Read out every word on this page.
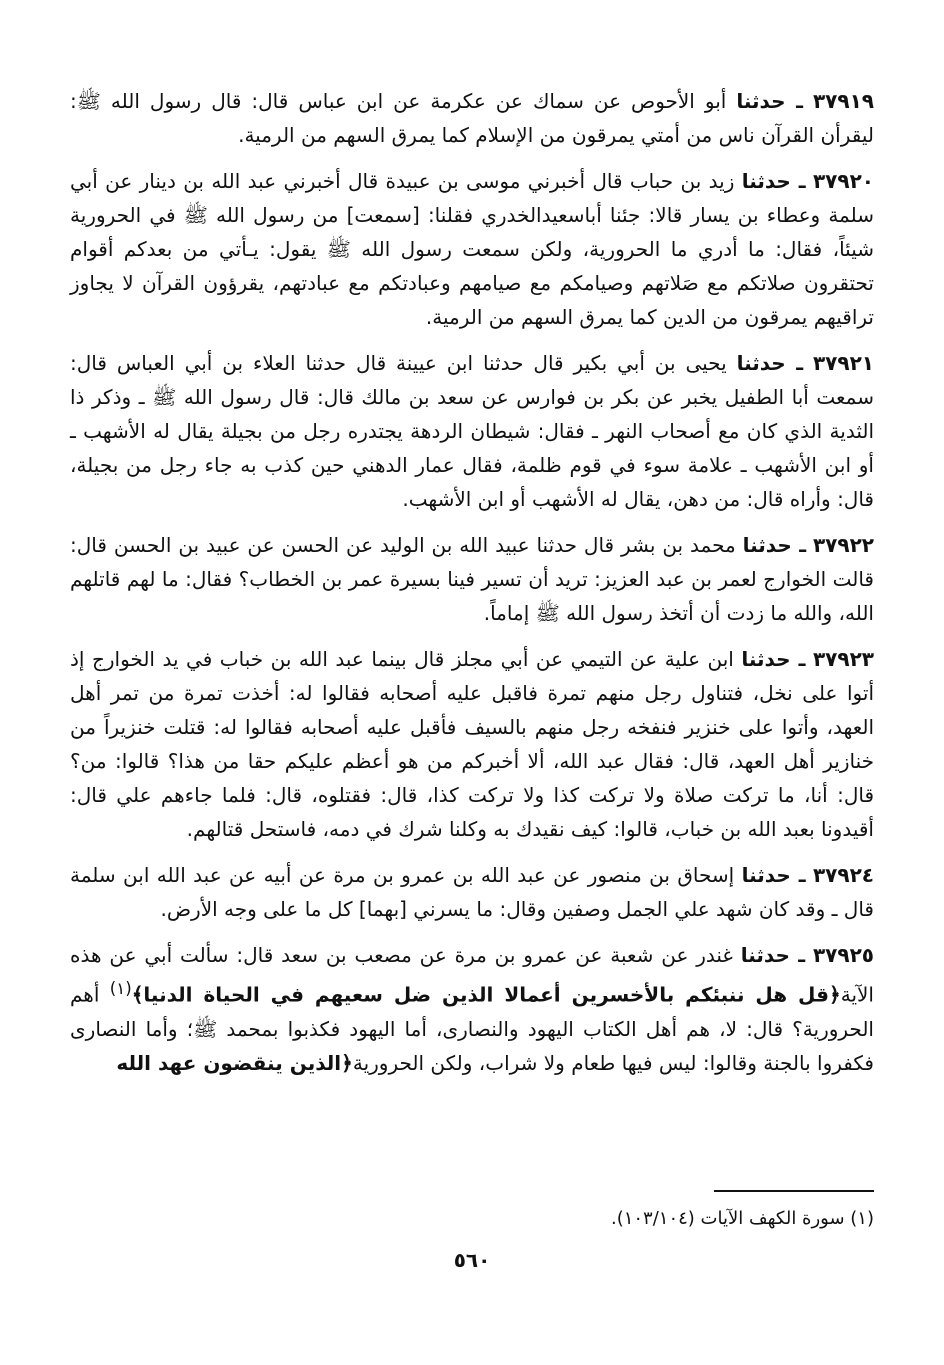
٣٧٩١٩ ـ حدثنا أبو الأحوص عن سماك عن عكرمة عن ابن عباس قال: قال رسول الله ﷺ: ليقرأن القرآن ناس من أمتي يمرقون من الإسلام كما يمرق السهم من الرمية.

٣٧٩٢٠ ـ حدثنا زيد بن حباب قال أخبرني موسى بن عبيدة قال أخبرني عبد الله بن دينار عن أبي سلمة وعطاء بن يسار قالا: جئنا أباسعيدالخدري فقلنا: [سمعت] من رسول الله ﷺ في الحرورية شيئاً، فقال: ما أدري ما الحرورية، ولكن سمعت رسول الله ﷺ يقول: يـأتي من بعدكم أقوام تحتقرون صلاتكم مع صَلاتهم وصيامكم مع صيامهم وعبادتكم مع عبادتهم، يقرؤون القرآن لا يجاوز تراقيهم يمرقون من الدين كما يمرق السهم من الرمية.

٣٧٩٢١ ـ حدثنا يحيى بن أبي بكير قال حدثنا ابن عيينة قال حدثنا العلاء بن أبي العباس قال: سمعت أبا الطفيل يخبر عن بكر بن فوارس عن سعد بن مالك قال: قال رسول الله ﷺ ـ وذكر ذا الثدية الذي كان مع أصحاب النهر ـ فقال: شيطان الردهة يجتدره رجل من بجيلة يقال له الأشهب ـ أو ابن الأشهب ـ علامة سوء في قوم ظلمة، فقال عمار الدهني حين كذب به جاء رجل من بجيلة، قال: وأراه قال: من دهن، يقال له الأشهب أو ابن الأشهب.

٣٧٩٢٢ ـ حدثنا محمد بن بشر قال حدثنا عبيد الله بن الوليد عن الحسن عن عبيد بن الحسن قال: قالت الخوارج لعمر بن عبد العزيز: تريد أن تسير فينا بسيرة عمر بن الخطاب؟ فقال: ما لهم قاتلهم الله، والله ما زدت أن أتخذ رسول الله ﷺ إماماً.

٣٧٩٢٣ ـ حدثنا ابن علية عن التيمي عن أبي مجلز قال بينما عبد الله بن خباب في يد الخوارج إذ أتوا على نخل، فتناول رجل منهم تمرة فاقبل عليه أصحابه فقالوا له: أخذت تمرة من تمر أهل العهد، وأتوا على خنزير فنفخه رجل منهم بالسيف فأقبل عليه أصحابه فقالوا له: قتلت خنزيراً من خنازير أهل العهد، قال: فقال عبد الله، ألا أخبركم من هو أعظم عليكم حقا من هذا؟ قالوا: من؟ قال: أنا، ما تركت صلاة ولا تركت كذا ولا تركت كذا، قال: فقتلوه، قال: فلما جاءهم علي قال: أقيدونا بعبد الله بن خباب، قالوا: كيف نقيدك به وكلنا شرك في دمه، فاستحل قتالهم.

٣٧٩٢٤ ـ حدثنا إسحاق بن منصور عن عبد الله بن عمرو بن مرة عن أبيه عن عبد الله ابن سلمة قال ـ وقد كان شهد علي الجمل وصفين وقال: ما يسرني [بهما] كل ما على وجه الأرض.

٣٧٩٢٥ ـ حدثنا غندر عن شعبة عن عمرو بن مرة عن مصعب بن سعد قال: سألت أبي عن هذه الآية﴿قل هل ننبئكم بالأخسرين أعمالا الذين ضل سعيهم في الحياة الدنيا﴾$^{(١)}$ أهم الحرورية؟ قال: لا، هم أهل الكتاب اليهود والنصارى، أما اليهود فكذبوا بمحمد ﷺ؛ وأما النصارى فكفروا بالجنة وقالوا: ليس فيها طعام ولا شراب، ولكن الحرورية﴿الذين ينقضون عهد الله

(١) سورة الكهف الآيات (١٠٣/١٠٤).
٥٦٠
